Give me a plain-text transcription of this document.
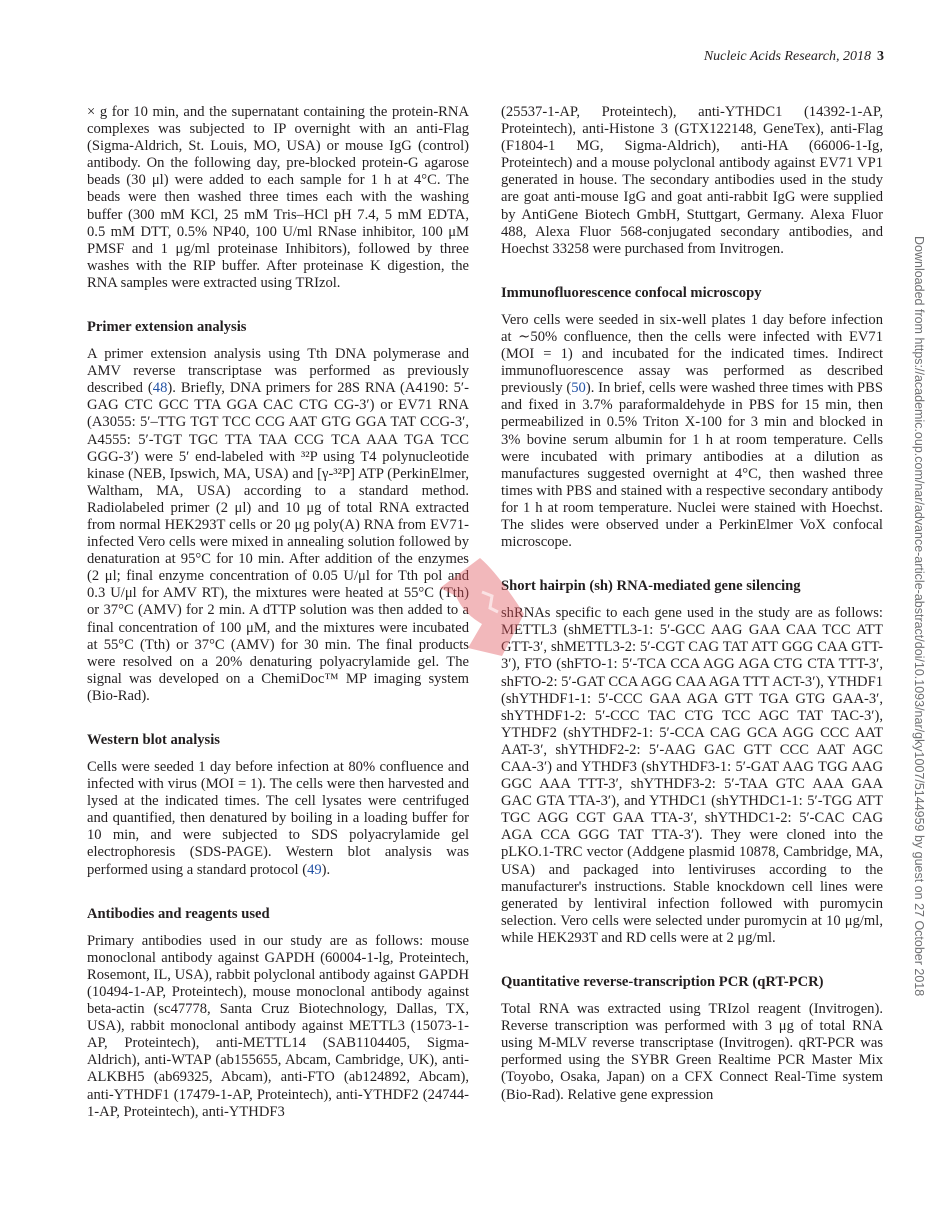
Nucleic Acids Research, 2018 3
Downloaded from https://academic.oup.com/nar/advance-article-abstract/doi/10.1093/nar/gky1007/5144959 by guest on 27 October 2018

× g for 10 min, and the supernatant containing the protein-RNA complexes was subjected to IP overnight with an anti-Flag (Sigma-Aldrich, St. Louis, MO, USA) or mouse IgG (control) antibody. On the following day, pre-blocked protein-G agarose beads (30 μl) were added to each sample for 1 h at 4°C. The beads were then washed three times each with the washing buffer (300 mM KCl, 25 mM Tris–HCl pH 7.4, 5 mM EDTA, 0.5 mM DTT, 0.5% NP40, 100 U/ml RNase inhibitor, 100 μM PMSF and 1 μg/ml proteinase Inhibitors), followed by three washes with the RIP buffer. After proteinase K digestion, the RNA samples were extracted using TRIzol.

Primer extension analysis

A primer extension analysis using Tth DNA polymerase and AMV reverse transcriptase was performed as previously described (48). Briefly, DNA primers for 28S RNA (A4190: 5′-GAG CTC GCC TTA GGA CAC CTG CG-3′) or EV71 RNA (A3055: 5′–TTG TGT TCC CCG AAT GTG GGA TAT CCG-3′, A4555: 5′-TGT TGC TTA TAA CCG TCA AAA TGA TCC GGG-3′) were 5′ end-labeled with ³²P using T4 polynucleotide kinase (NEB, Ipswich, MA, USA) and [γ-³²P] ATP (PerkinElmer, Waltham, MA, USA) according to a standard method. Radiolabeled primer (2 μl) and 10 μg of total RNA extracted from normal HEK293T cells or 20 μg poly(A) RNA from EV71-infected Vero cells were mixed in annealing solution followed by denaturation at 95°C for 10 min. After addition of the enzymes (2 μl; final enzyme concentration of 0.05 U/μl for Tth pol and 0.3 U/μl for AMV RT), the mixtures were heated at 55°C (Tth) or 37°C (AMV) for 2 min. A dTTP solution was then added to a final concentration of 100 μM, and the mixtures were incubated at 55°C (Tth) or 37°C (AMV) for 30 min. The final products were resolved on a 20% denaturing polyacrylamide gel. The signal was developed on a ChemiDoc™ MP imaging system (Bio-Rad).

Western blot analysis

Cells were seeded 1 day before infection at 80% confluence and infected with virus (MOI = 1). The cells were then harvested and lysed at the indicated times. The cell lysates were centrifuged and quantified, then denatured by boiling in a loading buffer for 10 min, and were subjected to SDS polyacrylamide gel electrophoresis (SDS-PAGE). Western blot analysis was performed using a standard protocol (49).

Antibodies and reagents used

Primary antibodies used in our study are as follows: mouse monoclonal antibody against GAPDH (60004-1-lg, Proteintech, Rosemont, IL, USA), rabbit polyclonal antibody against GAPDH (10494-1-AP, Proteintech), mouse monoclonal antibody against beta-actin (sc47778, Santa Cruz Biotechnology, Dallas, TX, USA), rabbit monoclonal antibody against METTL3 (15073-1-AP, Proteintech), anti-METTL14 (SAB1104405, Sigma-Aldrich), anti-WTAP (ab155655, Abcam, Cambridge, UK), anti-ALKBH5 (ab69325, Abcam), anti-FTO (ab124892, Abcam), anti-YTHDF1 (17479-1-AP, Proteintech), anti-YTHDF2 (24744-1-AP, Proteintech), anti-YTHDF3

(25537-1-AP, Proteintech), anti-YTHDC1 (14392-1-AP, Proteintech), anti-Histone 3 (GTX122148, GeneTex), anti-Flag (F1804-1 MG, Sigma-Aldrich), anti-HA (66006-1-Ig, Proteintech) and a mouse polyclonal antibody against EV71 VP1 generated in house. The secondary antibodies used in the study are goat anti-mouse IgG and goat anti-rabbit IgG were supplied by AntiGene Biotech GmbH, Stuttgart, Germany. Alexa Fluor 488, Alexa Fluor 568-conjugated secondary antibodies, and Hoechst 33258 were purchased from Invitrogen.

Immunofluorescence confocal microscopy

Vero cells were seeded in six-well plates 1 day before infection at ∼50% confluence, then the cells were infected with EV71 (MOI = 1) and incubated for the indicated times. Indirect immunofluorescence assay was performed as described previously (50). In brief, cells were washed three times with PBS and fixed in 3.7% paraformaldehyde in PBS for 15 min, then permeabilized in 0.5% Triton X-100 for 3 min and blocked in 3% bovine serum albumin for 1 h at room temperature. Cells were incubated with primary antibodies at a dilution as manufactures suggested overnight at 4°C, then washed three times with PBS and stained with a respective secondary antibody for 1 h at room temperature. Nuclei were stained with Hoechst. The slides were observed under a PerkinElmer VoX confocal microscope.

Short hairpin (sh) RNA-mediated gene silencing

shRNAs specific to each gene used in the study are as follows: METTL3 (shMETTL3-1: 5′-GCC AAG GAA CAA TCC ATT GTT-3′, shMETTL3-2: 5′-CGT CAG TAT ATT GGG CAA GTT-3′), FTO (shFTO-1: 5′-TCA CCA AGG AGA CTG CTA TTT-3′, shFTO-2: 5′-GAT CCA AGG CAA AGA TTT ACT-3′), YTHDF1 (shYTHDF1-1: 5′-CCC GAA AGA GTT TGA GTG GAA-3′, shYTHDF1-2: 5′-CCC TAC CTG TCC AGC TAT TAC-3′), YTHDF2 (shYTHDF2-1: 5′-CCA CAG GCA AGG CCC AAT AAT-3′, shYTHDF2-2: 5′-AAG GAC GTT CCC AAT AGC CAA-3′) and YTHDF3 (shYTHDF3-1: 5′-GAT AAG TGG AAG GGC AAA TTT-3′, shYTHDF3-2: 5′-TAA GTC AAA GAA GAC GTA TTA-3′), and YTHDC1 (shYTHDC1-1: 5′-TGG ATT TGC AGG CGT GAA TTA-3′, shYTHDC1-2: 5′-CAC CAG AGA CCA GGG TAT TTA-3′). They were cloned into the pLKO.1-TRC vector (Addgene plasmid 10878, Cambridge, MA, USA) and packaged into lentiviruses according to the manufacturer's instructions. Stable knockdown cell lines were generated by lentiviral infection followed with puromycin selection. Vero cells were selected under puromycin at 10 μg/ml, while HEK293T and RD cells were at 2 μg/ml.

Quantitative reverse-transcription PCR (qRT-PCR)

Total RNA was extracted using TRIzol reagent (Invitrogen). Reverse transcription was performed with 3 μg of total RNA using M-MLV reverse transcriptase (Invitrogen). qRT-PCR was performed using the SYBR Green Realtime PCR Master Mix (Toyobo, Osaka, Japan) on a CFX Connect Real-Time system (Bio-Rad). Relative gene expression
